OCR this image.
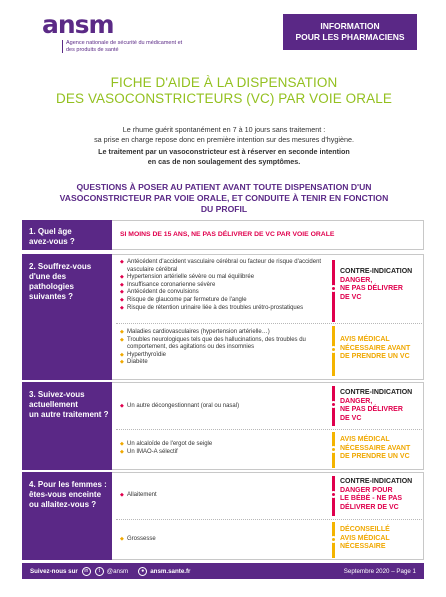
ansm
Agence nationale de sécurité du médicament et des produits de santé
INFORMATION
POUR LES PHARMACIENS
FICHE D'AIDE À LA DISPENSATION
DES VASOCONSTRICTEURS (VC) PAR VOIE ORALE
Le rhume guérit spontanément en 7 à 10 jours sans traitement :
sa prise en charge repose donc en première intention sur des mesures d'hygiène.
Le traitement par un vasoconstricteur est à réserver en seconde intention
en cas de non soulagement des symptômes.
QUESTIONS À POSER AU PATIENT AVANT TOUTE DISPENSATION D'UN
VASOCONSTRICTEUR PAR VOIE ORALE, ET CONDUITE À TENIR EN FONCTION DU PROFIL
1. Quel âge
avez-vous ?
SI MOINS DE 15 ANS, NE PAS DÉLIVRER DE VC PAR VOIE ORALE
2. Souffrez-vous
d'une des pathologies
suivantes ?
◆ Antécédent d'accident vasculaire cérébral ou facteur de risque d'accident vasculaire cérébral
◆ Hypertension artérielle sévère ou mal équilibrée
◆ Insuffisance coronarienne sévère
◆ Antécédent de convulsions
◆ Risque de glaucome par fermeture de l'angle
◆ Risque de rétention urinaire liée à des troubles urétro-prostatiques
CONTRE-INDICATION
DANGER,
NE PAS DÉLIVRER
DE VC
◆ Maladies cardiovasculaires (hypertension artérielle…)
◆ Troubles neurologiques tels que des hallucinations, des troubles du comportement, des agitations ou des insomnies
◆ Hyperthyroïdie
◆ Diabète
AVIS MÉDICAL
NÉCESSAIRE AVANT
DE PRENDRE UN VC
3. Suivez-vous
actuellement
un autre traitement ?
◆ Un autre décongestionnant (oral ou nasal)
CONTRE-INDICATION
DANGER,
NE PAS DÉLIVRER
DE VC
◆ Un alcaloïde de l'ergot de seigle
◆ Un IMAO-A sélectif
AVIS MÉDICAL
NÉCESSAIRE AVANT
DE PRENDRE UN VC
4. Pour les femmes :
êtes-vous enceinte
ou allaitez-vous ?
◆ Allaitement
CONTRE-INDICATION
DANGER POUR
LE BÉBÉ - NE PAS
DÉLIVRER DE VC
◆ Grossesse
DÉCONSEILLÉ
AVIS MÉDICAL
NÉCESSAIRE
Suivez-nous sur	in	t	@ansm	● ansm.sante.fr	Septembre 2020 – Page 1
